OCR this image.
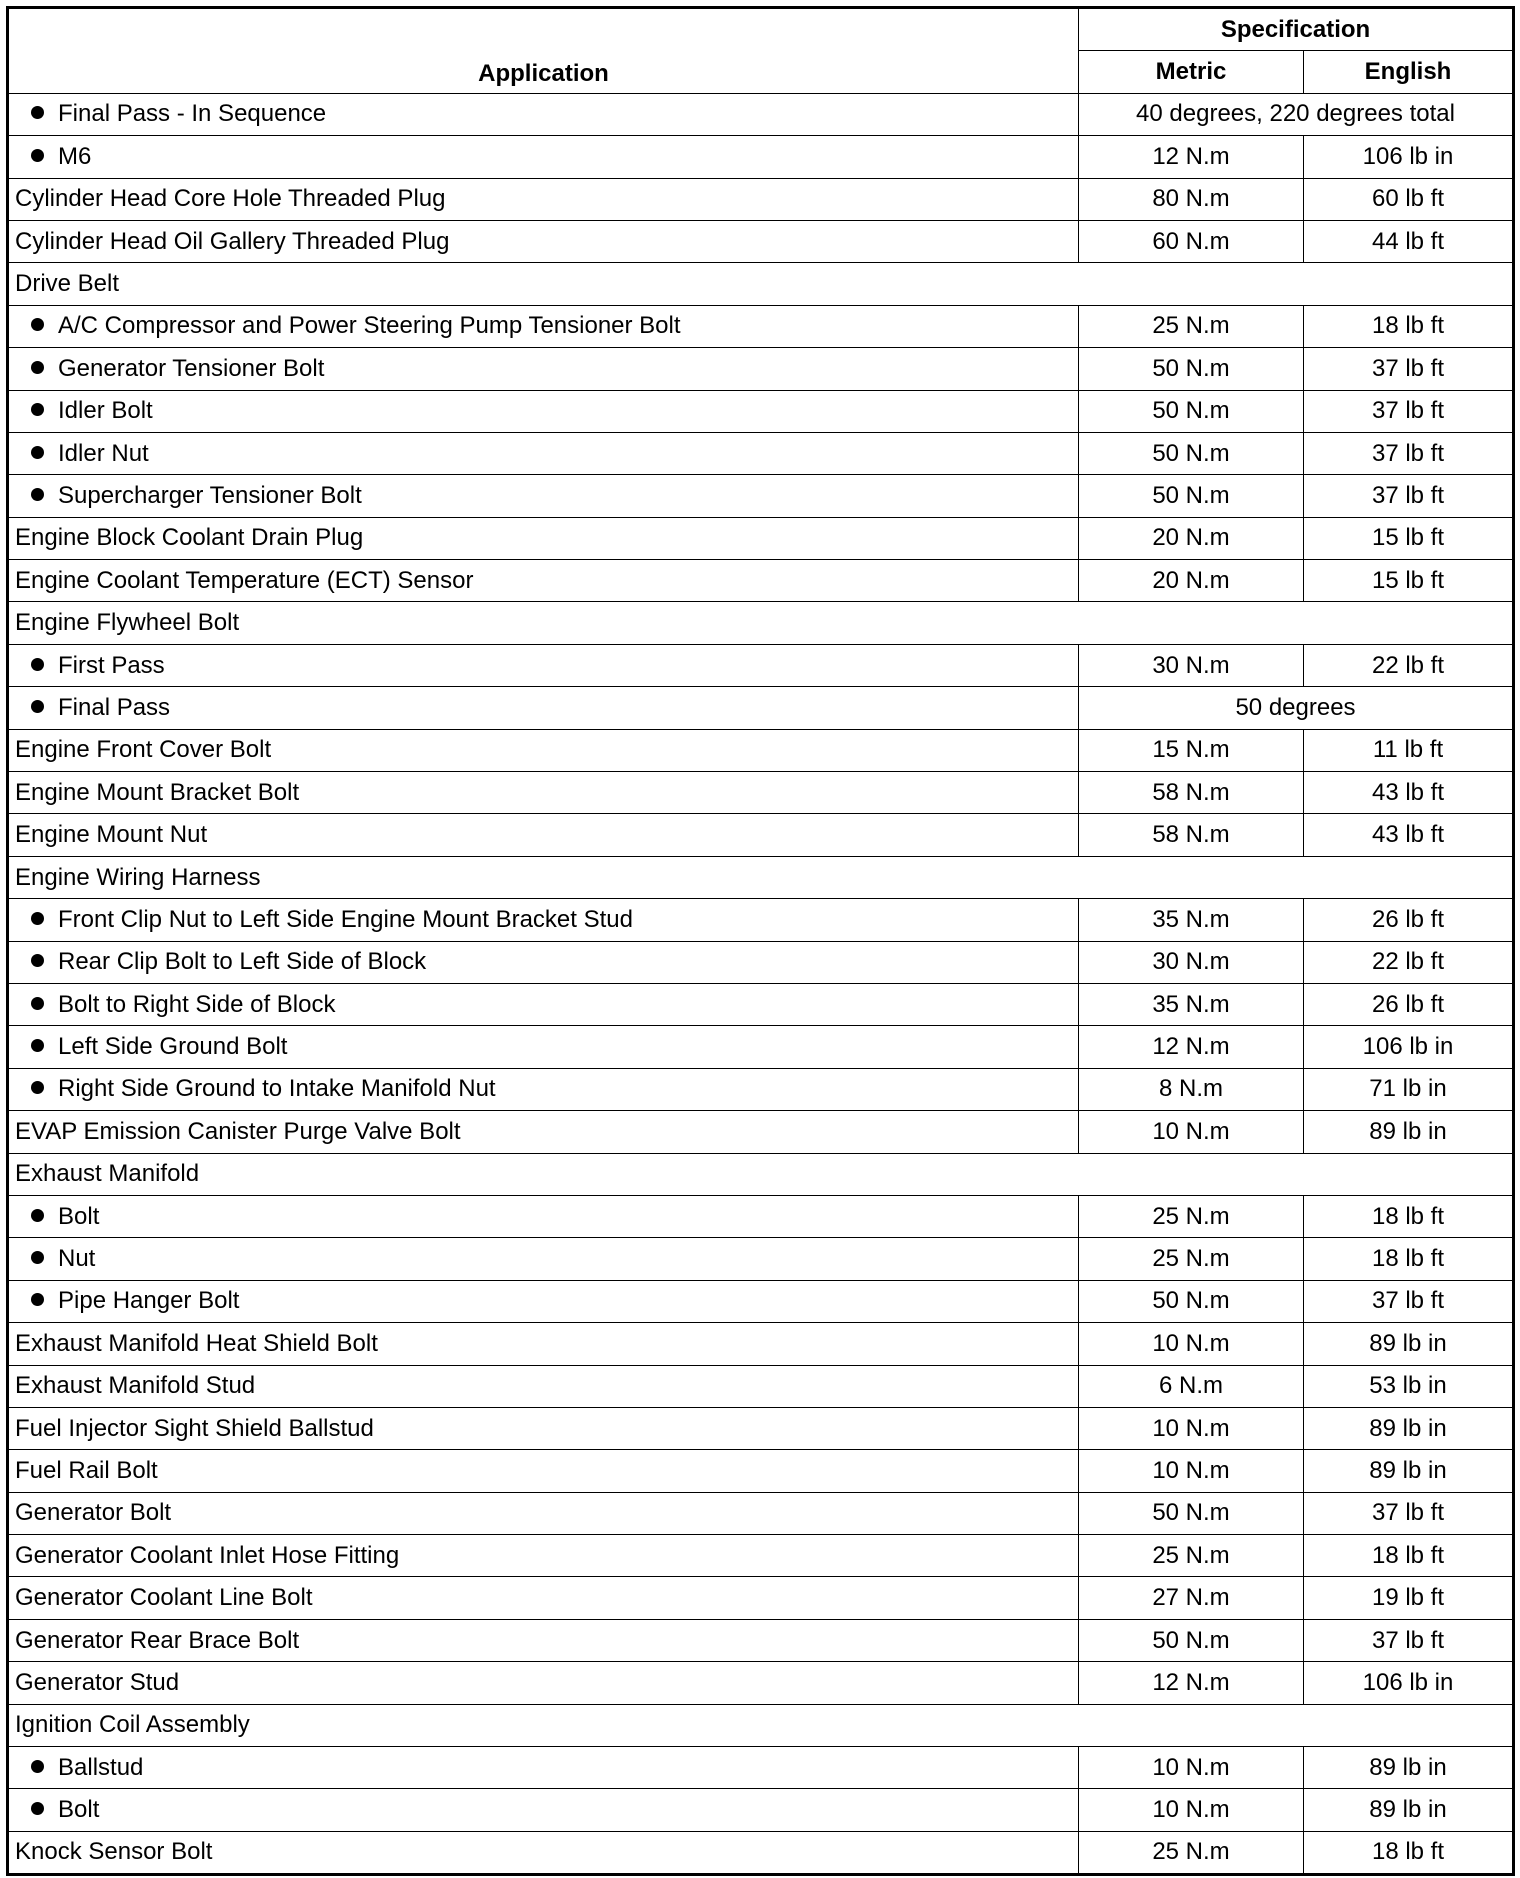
Application	Specification	
	Metric	English
Final Pass - In Sequence	40 degrees, 220 degrees total	
M6	12 N.m	106 lb in
Cylinder Head Core Hole Threaded Plug	80 N.m	60 lb ft
Cylinder Head Oil Gallery Threaded Plug	60 N.m	44 lb ft
Drive Belt		
A/C Compressor and Power Steering Pump Tensioner Bolt	25 N.m	18 lb ft
Generator Tensioner Bolt	50 N.m	37 lb ft
Idler Bolt	50 N.m	37 lb ft
Idler Nut	50 N.m	37 lb ft
Supercharger Tensioner Bolt	50 N.m	37 lb ft
Engine Block Coolant Drain Plug	20 N.m	15 lb ft
Engine Coolant Temperature (ECT) Sensor	20 N.m	15 lb ft
Engine Flywheel Bolt		
First Pass	30 N.m	22 lb ft
Final Pass	50 degrees	
Engine Front Cover Bolt	15 N.m	11 lb ft
Engine Mount Bracket Bolt	58 N.m	43 lb ft
Engine Mount Nut	58 N.m	43 lb ft
Engine Wiring Harness		
Front Clip Nut to Left Side Engine Mount Bracket Stud	35 N.m	26 lb ft
Rear Clip Bolt to Left Side of Block	30 N.m	22 lb ft
Bolt to Right Side of Block	35 N.m	26 lb ft
Left Side Ground Bolt	12 N.m	106 lb in
Right Side Ground to Intake Manifold Nut	8 N.m	71 lb in
EVAP Emission Canister Purge Valve Bolt	10 N.m	89 lb in
Exhaust Manifold		
Bolt	25 N.m	18 lb ft
Nut	25 N.m	18 lb ft
Pipe Hanger Bolt	50 N.m	37 lb ft
Exhaust Manifold Heat Shield Bolt	10 N.m	89 lb in
Exhaust Manifold Stud	6 N.m	53 lb in
Fuel Injector Sight Shield Ballstud	10 N.m	89 lb in
Fuel Rail Bolt	10 N.m	89 lb in
Generator Bolt	50 N.m	37 lb ft
Generator Coolant Inlet Hose Fitting	25 N.m	18 lb ft
Generator Coolant Line Bolt	27 N.m	19 lb ft
Generator Rear Brace Bolt	50 N.m	37 lb ft
Generator Stud	12 N.m	106 lb in
Ignition Coil Assembly		
Ballstud	10 N.m	89 lb in
Bolt	10 N.m	89 lb in
Knock Sensor Bolt	25 N.m	18 lb ft
